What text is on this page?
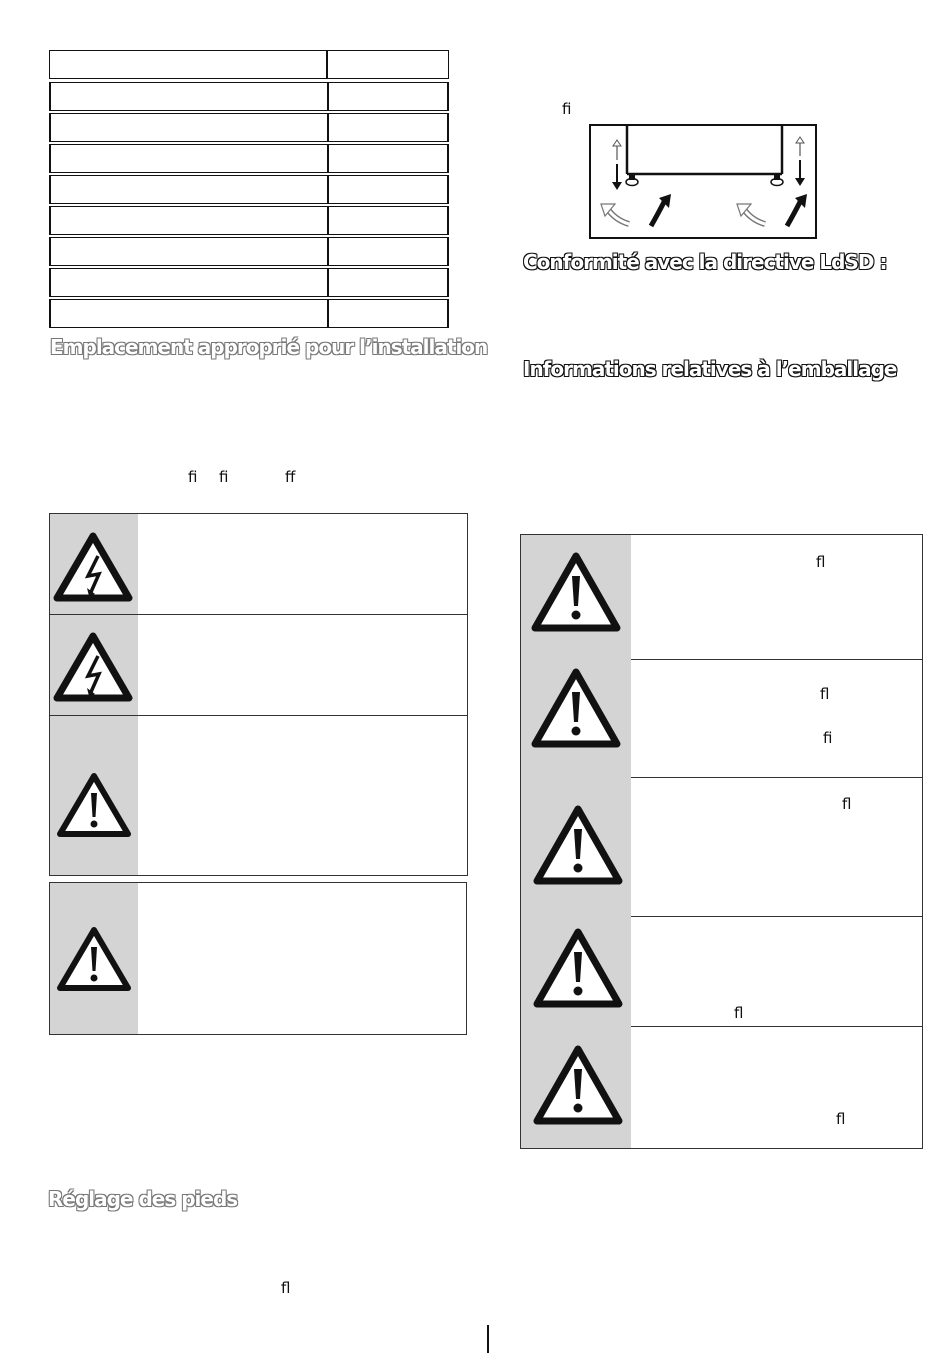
Emplacement approprié pour l’installation
ﬁ ﬁ	ﬀ
Réglage des pieds
ﬂ
ﬁ
Conformité avec la directive LdSD :
Informations relatives à l’emballage
ﬂ
ﬂ
ﬁ
ﬂ
ﬂ
ﬂ
